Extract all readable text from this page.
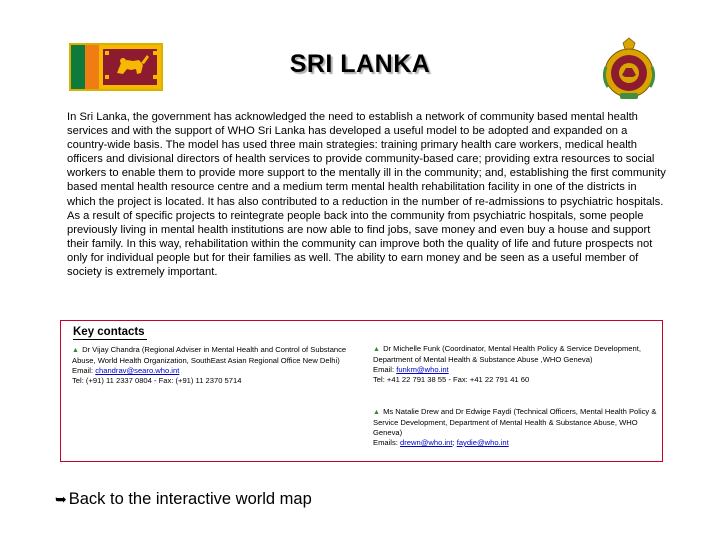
SRI LANKA
In Sri Lanka, the government has acknowledged the need to establish a network of community based mental health services and with the support of WHO Sri Lanka has developed a useful model to be adopted and expanded on a country-wide basis. The model has used three main strategies: training primary health care workers, medical health officers and divisional directors of health services to provide community-based care; providing extra resources to social workers to enable them to provide more support to the mentally ill in the community; and, establishing the first community based mental health resource centre and a medium term mental health rehabilitation facility in one of the districts in which the project is located. It has also contributed to a reduction in the number of re-admissions to psychiatric hospitals. As a result of specific projects to reintegrate people back into the community from psychiatric hospitals, some people previously living in mental health institutions are now able to find jobs, save money and even buy a house and support their family. In this way, rehabilitation within the community can improve both the quality of life and future prospects not only for individual people but for their families as well. The ability to earn money and be seen as a useful member of society is extremely important.
Key contacts
▲ Dr Vijay Chandra (Regional Adviser in Mental Health and Control of Substance Abuse, World Health Organization, SouthEast Asian Regional Office New Delhi)
Email: chandrav@searo.who.int
Tel: (+91) 11 2337 0804 - Fax: (+91) 11 2370 5714
▲ Dr Michelle Funk (Coordinator, Mental Health Policy & Service Development, Department of Mental Health & Substance Abuse ,WHO Geneva)
Email: funkm@who.int
Tel: +41 22 791 38 55 - Fax: +41 22 791 41 60
▲ Ms Natalie Drew and Dr Edwige Faydi (Technical Officers, Mental Health Policy & Service Development, Department of Mental Health & Substance Abuse, WHO Geneva)
Emails: drewn@who.int; faydie@who.int
➥ Back to the interactive world map
